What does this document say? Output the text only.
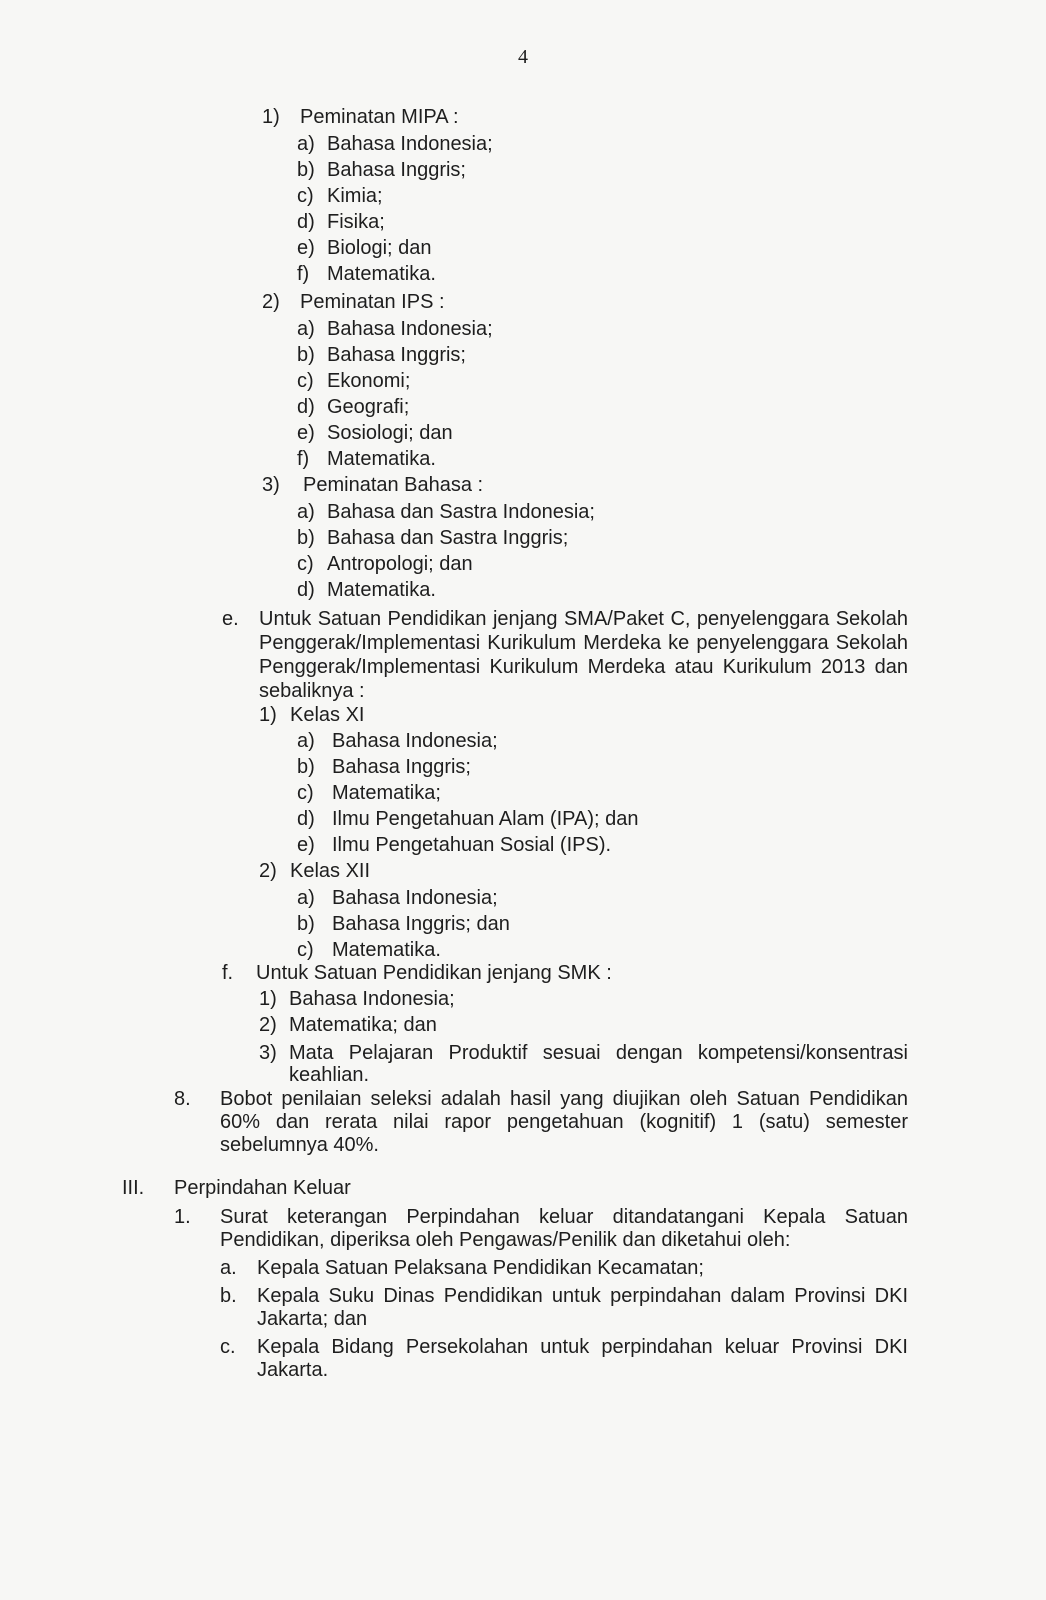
4
1) Peminatan MIPA :
a) Bahasa Indonesia;
b) Bahasa Inggris;
c) Kimia;
d) Fisika;
e) Biologi; dan
f) Matematika.
2) Peminatan IPS :
a) Bahasa Indonesia;
b) Bahasa Inggris;
c) Ekonomi;
d) Geografi;
e) Sosiologi; dan
f) Matematika.
3) Peminatan Bahasa :
a) Bahasa dan Sastra Indonesia;
b) Bahasa dan Sastra Inggris;
c) Antropologi; dan
d) Matematika.
e. Untuk Satuan Pendidikan jenjang SMA/Paket C, penyelenggara Sekolah
Penggerak/Implementasi Kurikulum Merdeka ke penyelenggara Sekolah
Penggerak/Implementasi Kurikulum Merdeka atau Kurikulum 2013 dan
sebaliknya :
1) Kelas XI
a) Bahasa Indonesia;
b) Bahasa Inggris;
c) Matematika;
d) Ilmu Pengetahuan Alam (IPA); dan
e) Ilmu Pengetahuan Sosial (IPS).
2) Kelas XII
a) Bahasa Indonesia;
b) Bahasa Inggris; dan
c) Matematika.
f. Untuk Satuan Pendidikan jenjang SMK :
1) Bahasa Indonesia;
2) Matematika; dan
3) Mata Pelajaran Produktif sesuai dengan kompetensi/konsentrasi
keahlian.
8. Bobot penilaian seleksi adalah hasil yang diujikan oleh Satuan Pendidikan
60% dan rerata nilai rapor pengetahuan (kognitif) 1 (satu) semester
sebelumnya 40%.
III. Perpindahan Keluar
1. Surat keterangan Perpindahan keluar ditandatangani Kepala Satuan
Pendidikan, diperiksa oleh Pengawas/Penilik dan diketahui oleh:
a. Kepala Satuan Pelaksana Pendidikan Kecamatan;
b. Kepala Suku Dinas Pendidikan untuk perpindahan dalam Provinsi DKI
Jakarta; dan
c. Kepala Bidang Persekolahan untuk perpindahan keluar Provinsi DKI
Jakarta.
